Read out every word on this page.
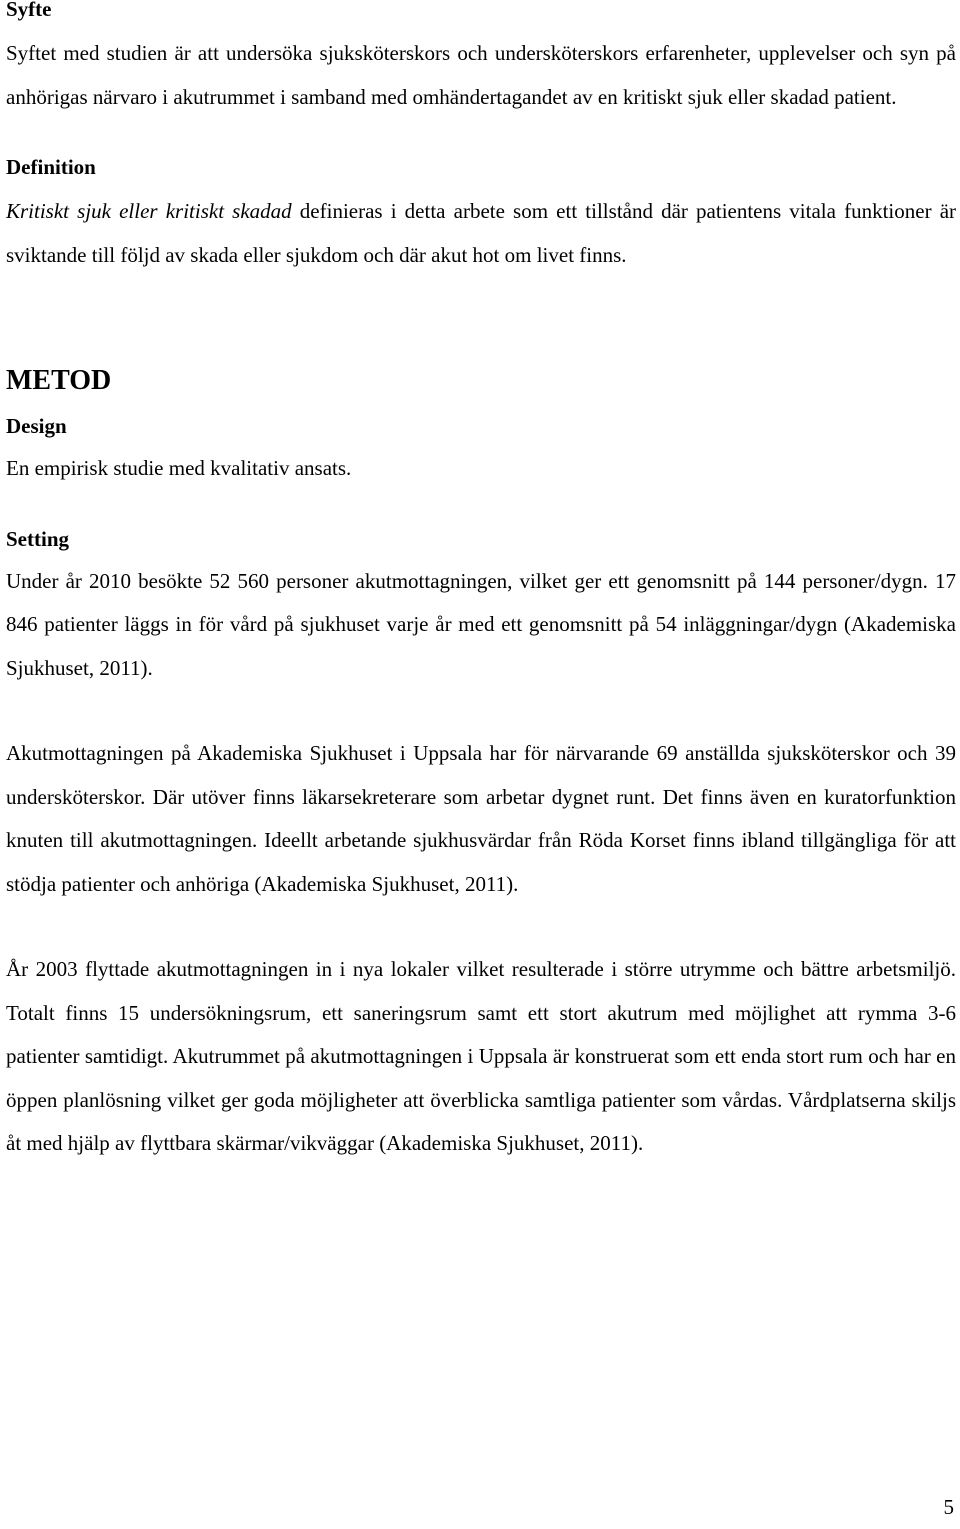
Syfte

Syftet med studien är att undersöka sjuksköterskors och undersköterskors erfarenheter, upplevelser och syn på anhörigas närvaro i akutrummet i samband med omhändertagandet av en kritiskt sjuk eller skadad patient.

Definition

Kritiskt sjuk eller kritiskt skadad definieras i detta arbete som ett tillstånd där patientens vitala funktioner är sviktande till följd av skada eller sjukdom och där akut hot om livet finns.

METOD

Design

En empirisk studie med kvalitativ ansats.

Setting

Under år 2010 besökte 52 560 personer akutmottagningen, vilket ger ett genomsnitt på 144 personer/dygn. 17 846 patienter läggs in för vård på sjukhuset varje år med ett genomsnitt på 54 inläggningar/dygn (Akademiska Sjukhuset, 2011).

Akutmottagningen på Akademiska Sjukhuset i Uppsala har för närvarande 69 anställda sjuksköterskor och 39 undersköterskor. Där utöver finns läkarsekreterare som arbetar dygnet runt. Det finns även en kuratorfunktion knuten till akutmottagningen. Ideellt arbetande sjukhusvärdar från Röda Korset finns ibland tillgängliga för att stödja patienter och anhöriga (Akademiska Sjukhuset, 2011).

År 2003 flyttade akutmottagningen in i nya lokaler vilket resulterade i större utrymme och bättre arbetsmiljö. Totalt finns 15 undersökningsrum, ett saneringsrum samt ett stort akutrum med möjlighet att rymma 3-6 patienter samtidigt. Akutrummet på akutmottagningen i Uppsala är konstruerat som ett enda stort rum och har en öppen planlösning vilket ger goda möjligheter att överblicka samtliga patienter som vårdas. Vårdplatserna skiljs åt med hjälp av flyttbara skärmar/vikväggar (Akademiska Sjukhuset, 2011).

5
